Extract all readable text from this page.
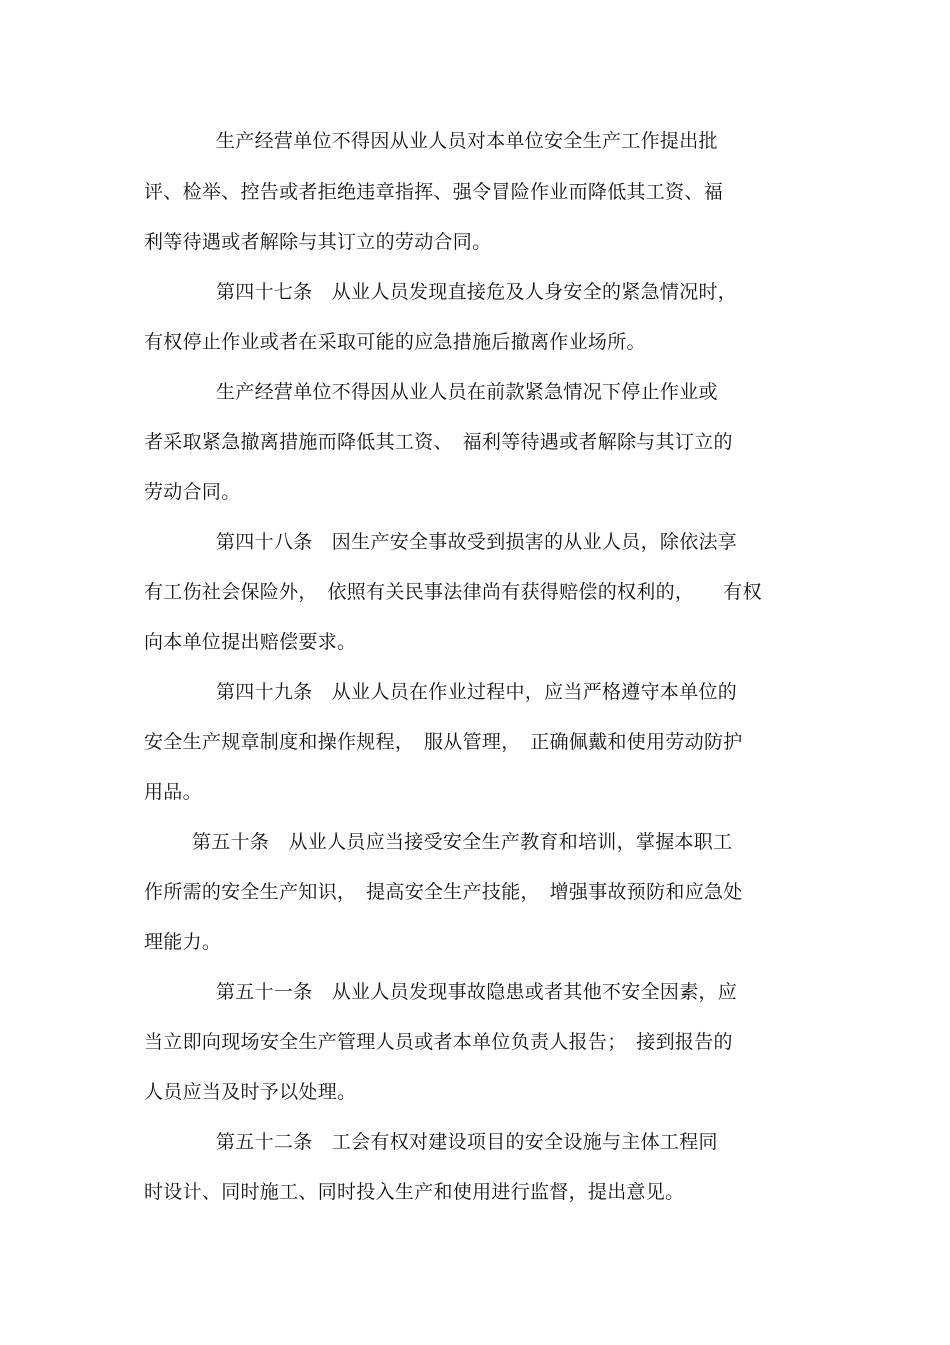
生产经营单位不得因从业人员对本单位安全生产工作提出批
评、检举、控告或者拒绝违章指挥、强令冒险作业而降低其工资、福
利等待遇或者解除与其订立的劳动合同。
第四十七条　从业人员发现直接危及人身安全的紧急情况时，
有权停止作业或者在采取可能的应急措施后撤离作业场所。
生产经营单位不得因从业人员在前款紧急情况下停止作业或
者采取紧急撤离措施而降低其工资、　福利等待遇或者解除与其订立的
劳动合同。
第四十八条　因生产安全事故受到损害的从业人员，除依法享
有工伤社会保险外，　依照有关民事法律尚有获得赔偿的权利的，　　有权
向本单位提出赔偿要求。
第四十九条　从业人员在作业过程中，应当严格遵守本单位的
安全生产规章制度和操作规程，　服从管理，　正确佩戴和使用劳动防护
用品。
第五十条　从业人员应当接受安全生产教育和培训，掌握本职工
作所需的安全生产知识，　提高安全生产技能，　增强事故预防和应急处
理能力。
第五十一条　从业人员发现事故隐患或者其他不安全因素，应
当立即向现场安全生产管理人员或者本单位负责人报告；　接到报告的
人员应当及时予以处理。
第五十二条　工会有权对建设项目的安全设施与主体工程同
时设计、同时施工、同时投入生产和使用进行监督，提出意见。
